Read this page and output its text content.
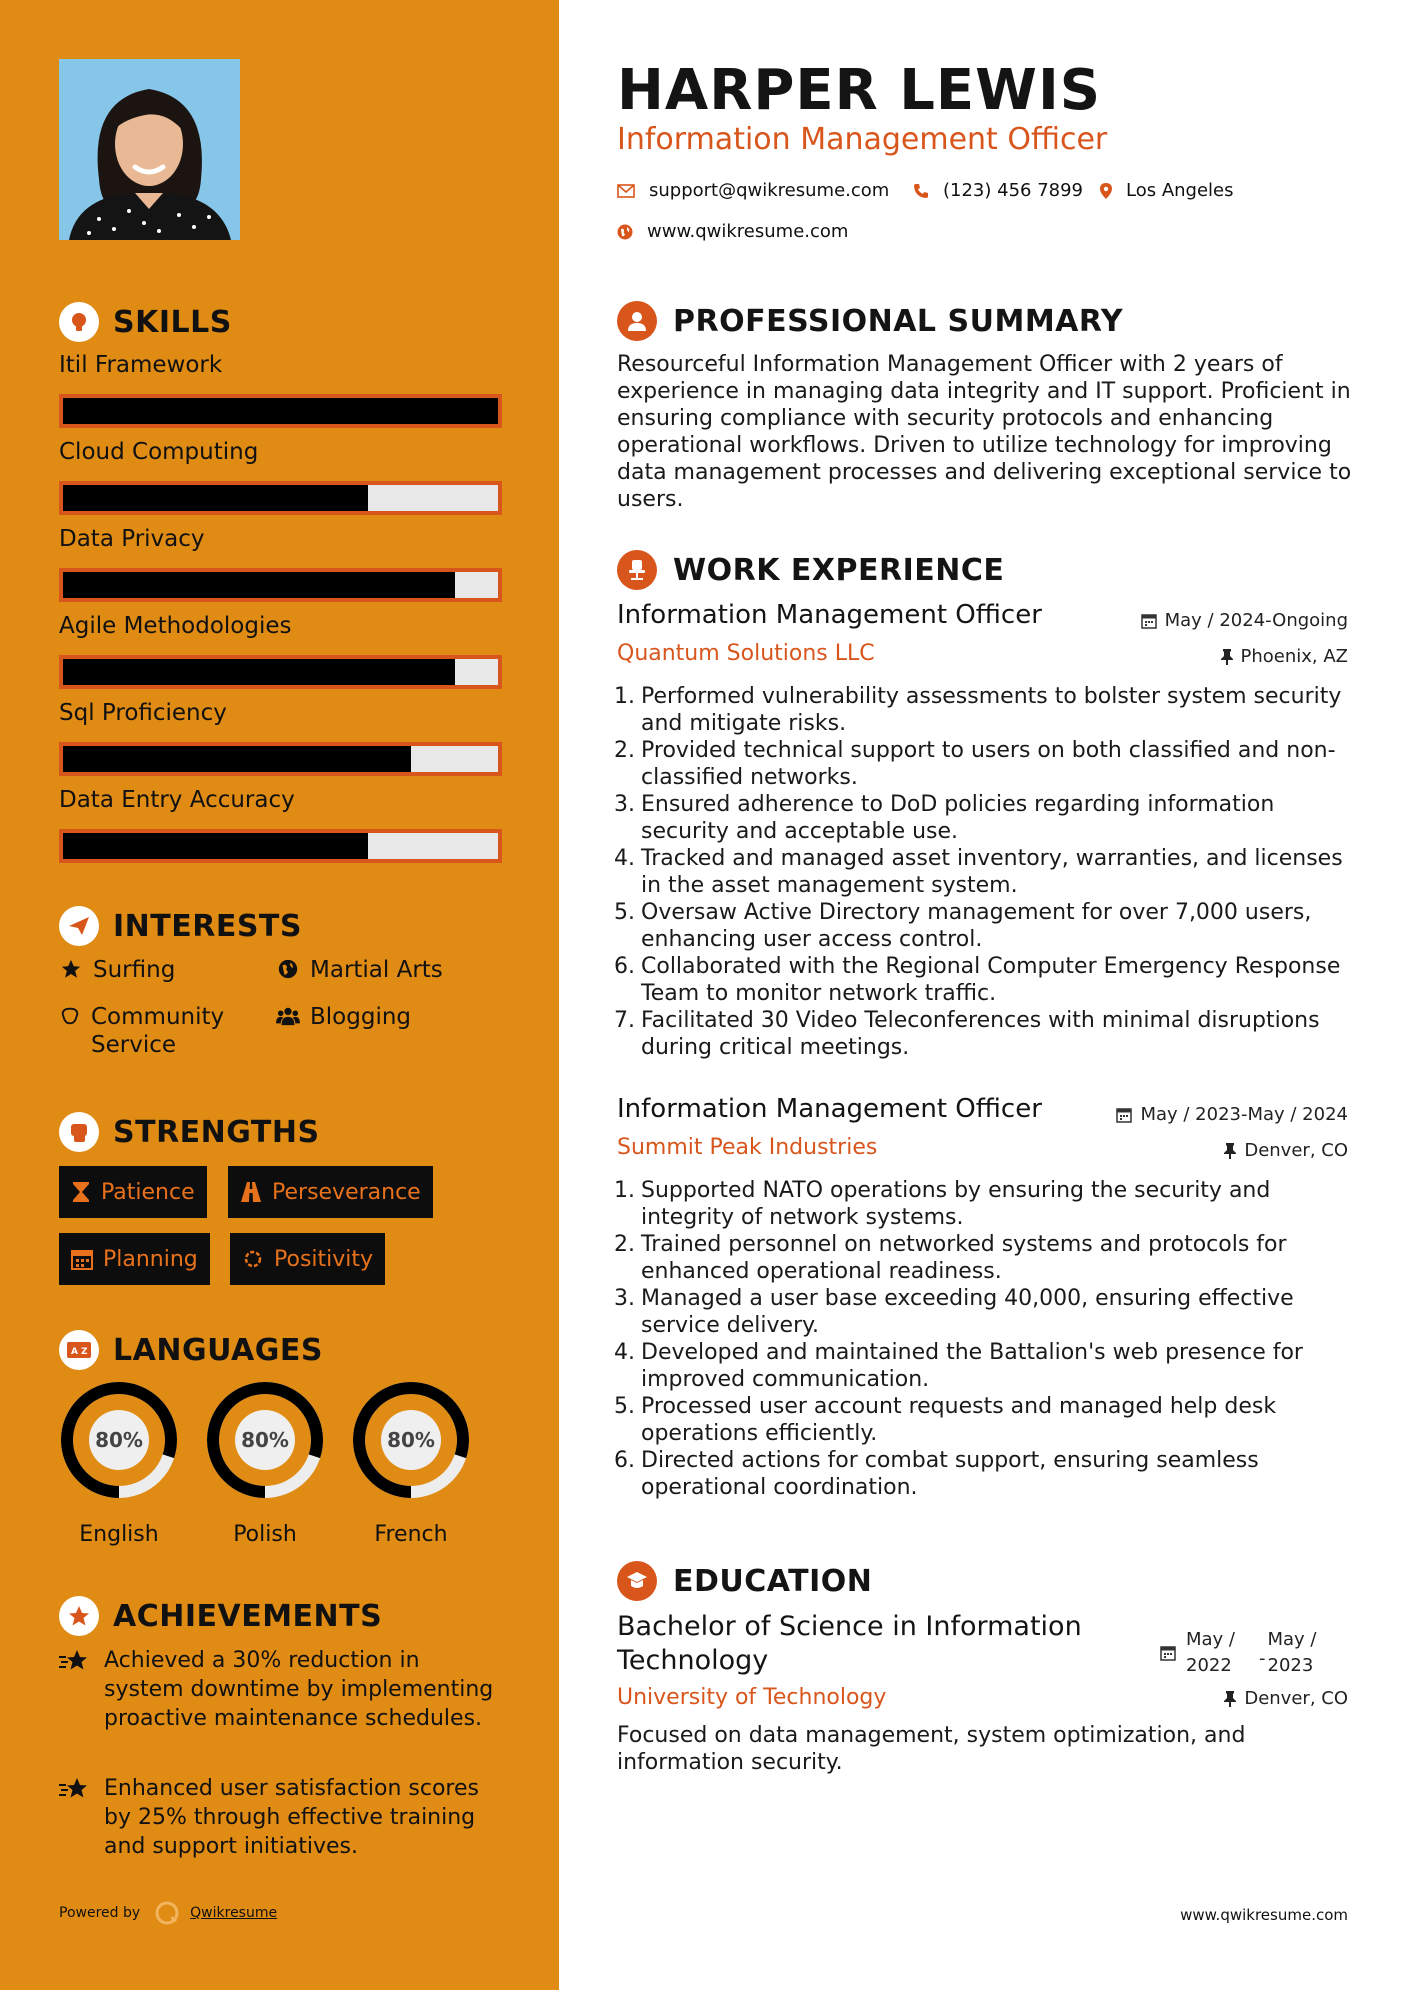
SKILLS
Itil Framework
Cloud Computing
Data Privacy
Agile Methodologies
Sql Proficiency
Data Entry Accuracy
INTERESTS
Surfing	Martial Arts
Community Service
Blogging
STRENGTHS
Patience	Perseverance
Planning	Positivity
A Z LANGUAGES
80%
English
80%
Polish
80%
French
ACHIEVEMENTS
Achieved a 30% reduction in system downtime by implementing proactive maintenance schedules.
Enhanced user satisfaction scores by 25% through effective training and support initiatives.
Powered by	Qwikresume
HARPER LEWIS
Information Management Officer
support@qwikresume.com	(123) 456 7899 Los Angeles
www.qwikresume.com
PROFESSIONAL SUMMARY
Resourceful Information Management Officer with 2 years of experience in managing data integrity and IT support. Proficient in ensuring compliance with security protocols and enhancing operational workflows. Driven to utilize technology for improving data management processes and delivering exceptional service to users.
WORK EXPERIENCE
Information Management Officer
Quantum Solutions LLC
May / 2024-Ongoing
Phoenix, AZ
1. Performed vulnerability assessments to bolster system security and mitigate risks.
2. Provided technical support to users on both classified and non-classified networks.
3. Ensured adherence to DoD policies regarding information security and acceptable use.
4. Tracked and managed asset inventory, warranties, and licenses in the asset management system.
5. Oversaw Active Directory management for over 7,000 users, enhancing user access control.
6. Collaborated with the Regional Computer Emergency Response Team to monitor network traffic.
7. Facilitated 30 Video Teleconferences with minimal disruptions during critical meetings.
Information Management Officer
Summit Peak Industries
May / 2023-May / 2024
Denver, CO
1. Supported NATO operations by ensuring the security and integrity of network systems.
2. Trained personnel on networked systems and protocols for enhanced operational readiness.
3. Managed a user base exceeding 40,000, ensuring effective service delivery.
4. Developed and maintained the Battalion's web presence for improved communication.
5. Processed user account requests and managed help desk operations efficiently.
6. Directed actions for combat support, ensuring seamless operational coordination.
EDUCATION
Bachelor of Science in Information Technology
May /
2022 -
May /
2023
University of Technology	Denver, CO
Focused on data management, system optimization, and information security.
www.qwikresume.com
